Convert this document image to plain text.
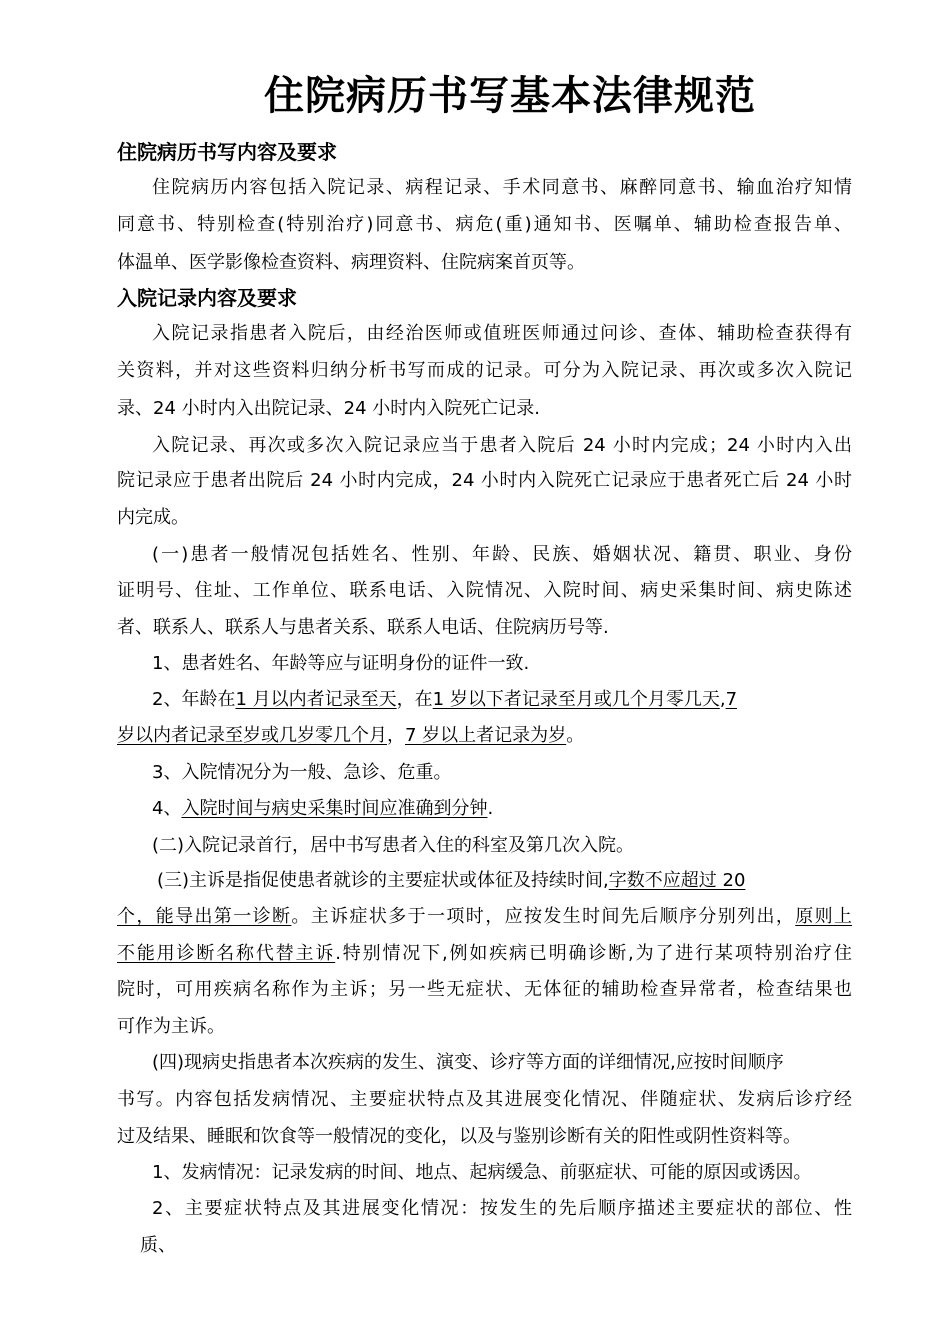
住院病历书写基本法律规范
住院病历书写内容及要求
住院病历内容包括入院记录、病程记录、手术同意书、麻醉同意书、输血治疗知情
同意书、特别检查(特别治疗)同意书、病危(重)通知书、医嘱单、辅助检查报告单、
体温单、医学影像检查资料、病理资料、住院病案首页等。
入院记录内容及要求
入院记录指患者入院后，由经治医师或值班医师通过问诊、查体、辅助检查获得有
关资料，并对这些资料归纳分析书写而成的记录。可分为入院记录、再次或多次入院记
录、24 小时内入出院记录、24 小时内入院死亡记录.
入院记录、再次或多次入院记录应当于患者入院后 24 小时内完成；24 小时内入出
院记录应于患者出院后 24 小时内完成，24 小时内入院死亡记录应于患者死亡后 24 小时
内完成。
(一)患者一般情况包括姓名、性别、年龄、民族、婚姻状况、籍贯、职业、身份
证明号、住址、工作单位、联系电话、入院情况、入院时间、病史采集时间、病史陈述
者、联系人、联系人与患者关系、联系人电话、住院病历号等.
1、患者姓名、年龄等应与证明身份的证件一致.
2、年龄在1 月以内者记录至天，在1 岁以下者记录至月或几个月零几天,7
岁以内者记录至岁或几岁零几个月，7 岁以上者记录为岁。
3、入院情况分为一般、急诊、危重。
4、入院时间与病史采集时间应准确到分钟.
(二)入院记录首行，居中书写患者入住的科室及第几次入院。
(三)主诉是指促使患者就诊的主要症状或体征及持续时间,字数不应超过 20
个，能导出第一诊断。主诉症状多于一项时，应按发生时间先后顺序分别列出，原则上
不能用诊断名称代替主诉.特别情况下,例如疾病已明确诊断,为了进行某项特别治疗住
院时，可用疾病名称作为主诉；另一些无症状、无体征的辅助检查异常者，检查结果也
可作为主诉。
(四)现病史指患者本次疾病的发生、演变、诊疗等方面的详细情况,应按时间顺序
书写。内容包括发病情况、主要症状特点及其进展变化情况、伴随症状、发病后诊疗经
过及结果、睡眠和饮食等一般情况的变化，以及与鉴别诊断有关的阳性或阴性资料等。
1、发病情况：记录发病的时间、地点、起病缓急、前驱症状、可能的原因或诱因。
2、主要症状特点及其进展变化情况：按发生的先后顺序描述主要症状的部位、性
质、
